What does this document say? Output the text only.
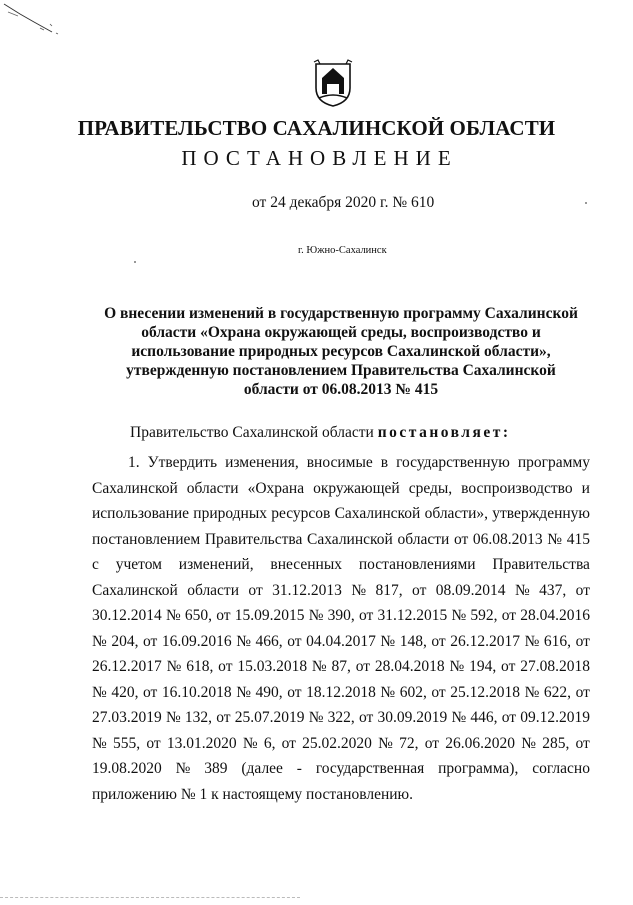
ПРАВИТЕЛЬСТВО САХАЛИНСКОЙ ОБЛАСТИ
ПОСТАНОВЛЕНИЕ
от 24 декабря 2020 г. № 610
г. Южно-Сахалинск
О внесении изменений в государственную программу Сахалинской
области «Охрана окружающей среды, воспроизводство и
использование природных ресурсов Сахалинской области»,
утвержденную постановлением Правительства Сахалинской
области от 06.08.2013 № 415
Правительство Сахалинской области постановляет:
1. Утвердить изменения, вносимые в государственную программу
Сахалинской области «Охрана окружающей среды, воспроизводство и
использование природных ресурсов Сахалинской области», утвержденную
постановлением Правительства Сахалинской области от 06.08.2013 № 415
с учетом изменений, внесенных постановлениями Правительства
Сахалинской области от 31.12.2013 № 817, от 08.09.2014 № 437, от
30.12.2014 № 650, от 15.09.2015 № 390, от 31.12.2015 № 592, от 28.04.2016
№ 204, от 16.09.2016 № 466, от 04.04.2017 № 148, от 26.12.2017 № 616, от
26.12.2017 № 618, от 15.03.2018 № 87, от 28.04.2018 № 194, от 27.08.2018
№ 420, от 16.10.2018 № 490, от 18.12.2018 № 602, от 25.12.2018 № 622, от
27.03.2019 № 132, от 25.07.2019 № 322, от 30.09.2019 № 446, от 09.12.2019
№ 555, от 13.01.2020 № 6, от 25.02.2020 № 72, от 26.06.2020 № 285, от
19.08.2020 № 389 (далее - государственная программа), согласно
приложению № 1 к настоящему постановлению.
